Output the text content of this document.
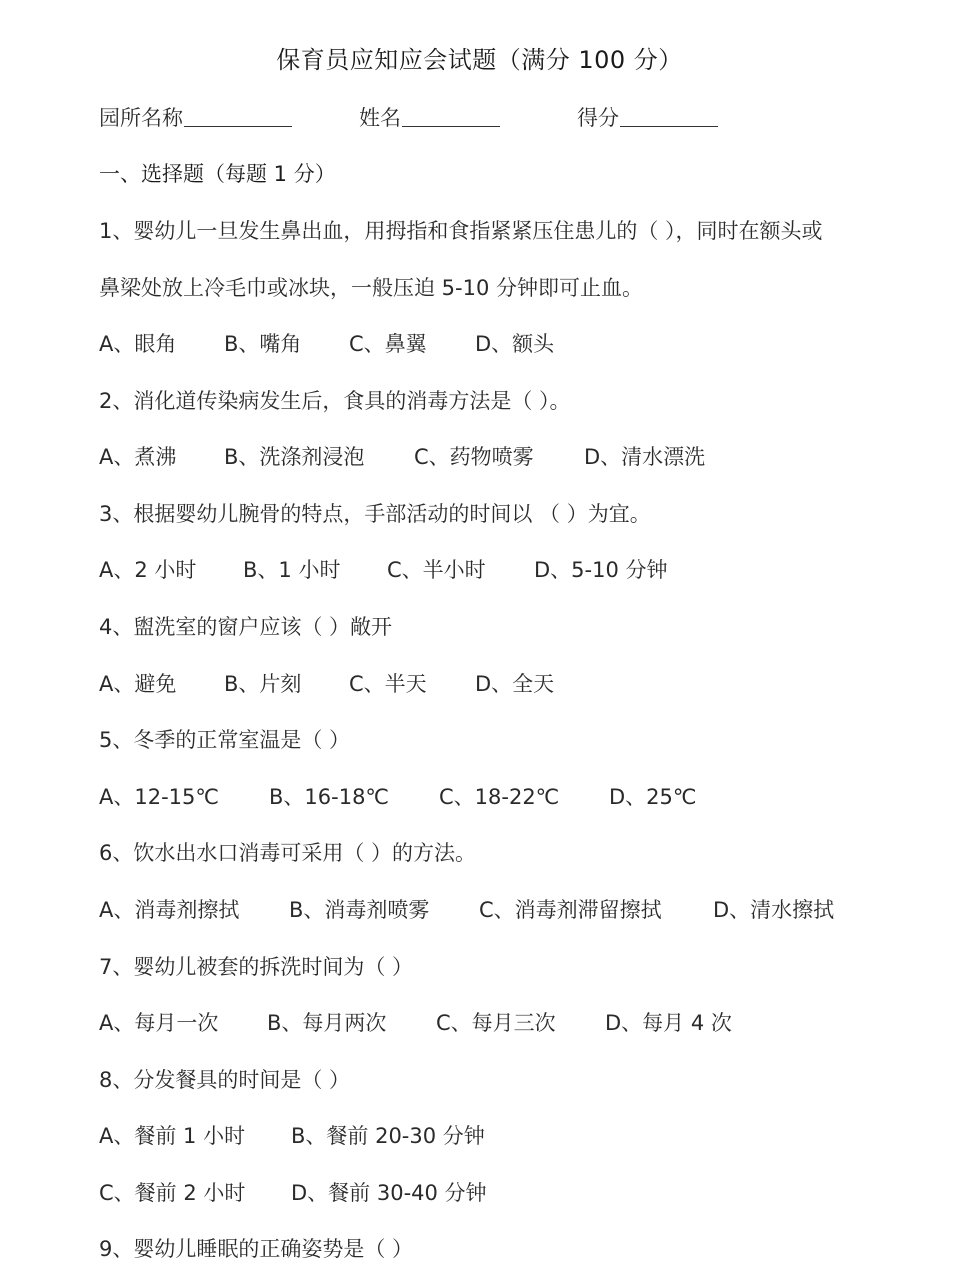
保育员应知应会试题（满分 100 分）
园所名称	姓名	得分
一、选择题（每题 1 分）
1、婴幼儿一旦发生鼻出血，用拇指和食指紧紧压住患儿的（ ），同时在额头或
鼻梁处放上冷毛巾或冰块，一般压迫 5-10 分钟即可止血。
A、眼角 B、嘴角 C、鼻翼 D、额头
2、消化道传染病发生后，食具的消毒方法是（ ）。
A、煮沸 B、洗涤剂浸泡 C、药物喷雾 D、清水漂洗
3、根据婴幼儿腕骨的特点，手部活动的时间以 （ ）为宜。
A、2 小时 B、1 小时 C、半小时 D、5-10 分钟
4、盥洗室的窗户应该（ ）敞开
A、避免 B、片刻 C、半天 D、全天
5、冬季的正常室温是（ ）
A、12-15℃ B、16-18℃ C、18-22℃ D、25℃
6、饮水出水口消毒可采用（ ）的方法。
A、消毒剂擦拭 B、消毒剂喷雾 C、消毒剂滞留擦拭 D、清水擦拭
7、婴幼儿被套的拆洗时间为（ ）
A、每月一次 B、每月两次 C、每月三次 D、每月 4 次
8、分发餐具的时间是（ ）
A、餐前 1 小时 B、餐前 20-30 分钟
C、餐前 2 小时 D、餐前 30-40 分钟
9、婴幼儿睡眠的正确姿势是（ ）
